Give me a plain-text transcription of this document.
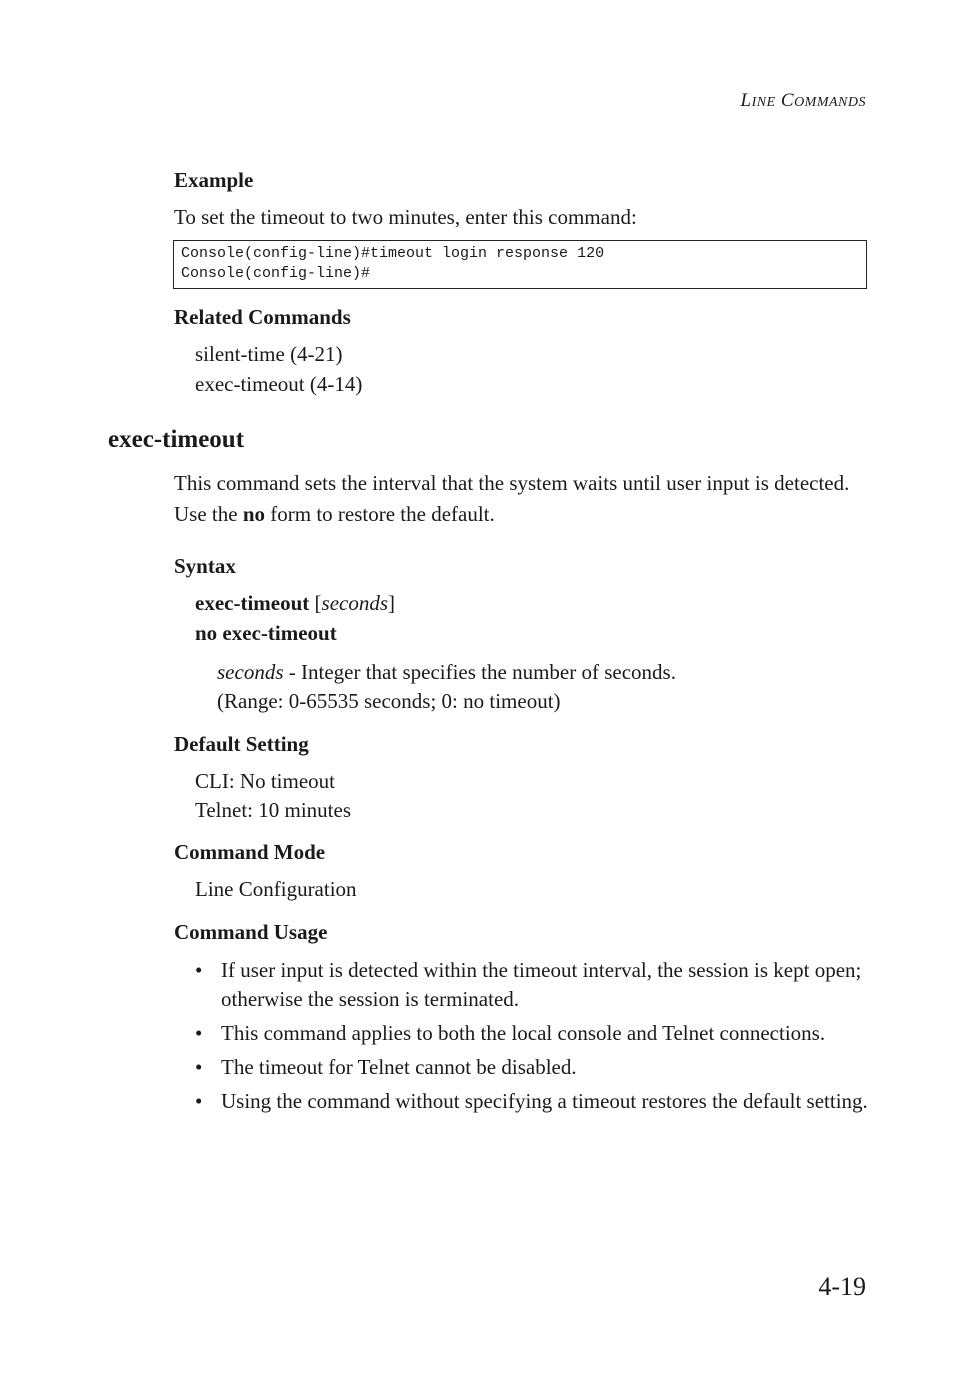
LINE COMMANDS
Example
To set the timeout to two minutes, enter this command:
Console(config-line)#timeout login response 120
Console(config-line)#
Related Commands
silent-time (4-21)
exec-timeout (4-14)
exec-timeout
This command sets the interval that the system waits until user input is detected. Use the no form to restore the default.
Syntax
exec-timeout [seconds]
no exec-timeout
seconds - Integer that specifies the number of seconds.
(Range: 0-65535 seconds; 0: no timeout)
Default Setting
CLI: No timeout
Telnet: 10 minutes
Command Mode
Line Configuration
Command Usage
• If user input is detected within the timeout interval, the session is kept open; otherwise the session is terminated.
• This command applies to both the local console and Telnet connections.
• The timeout for Telnet cannot be disabled.
• Using the command without specifying a timeout restores the default setting.
4-19
